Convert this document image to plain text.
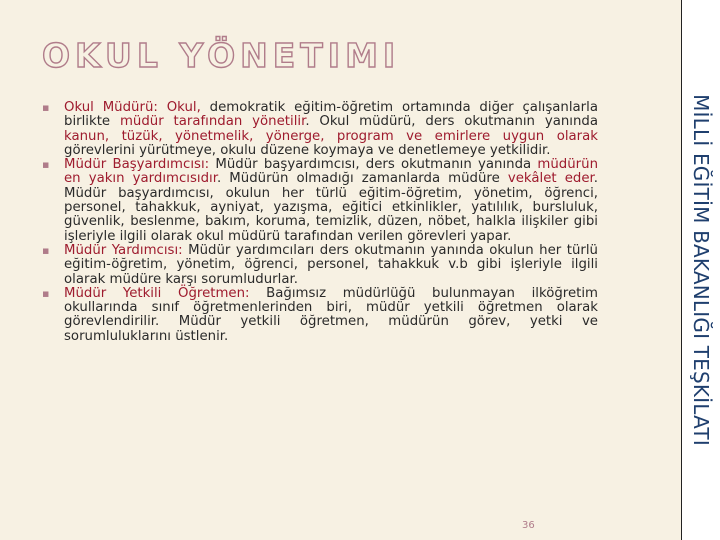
OKUL YÖNETIMI
▪ Okul Müdürü: Okul, demokratik eğitim-öğretim ortamında diğer çalışanlarla birlikte müdür tarafından yönetilir. Okul müdürü, ders okutmanın yanında kanun, tüzük, yönetmelik, yönerge, program ve emirlere uygun olarak görevlerini yürütmeye, okulu düzene koymaya ve denetlemeye yetkilidir.
▪ Müdür Başyardımcısı: Müdür başyardımcısı, ders okutmanın yanında müdürün en yakın yardımcısıdır. Müdürün olmadığı zamanlarda müdüre vekâlet eder. Müdür başyardımcısı, okulun her türlü eğitim-öğretim, yönetim, öğrenci, personel, tahakkuk, ayniyat, yazışma, eğitici etkinlikler, yatılılık, bursluluk, güvenlik, beslenme, bakım, koruma, temizlik, düzen, nöbet, halkla ilişkiler gibi işleriyle ilgili olarak okul müdürü tarafından verilen görevleri yapar.
▪ Müdür Yardımcısı: Müdür yardımcıları ders okutmanın yanında okulun her türlü eğitim-öğretim, yönetim, öğrenci, personel, tahakkuk v.b gibi işleriyle ilgili olarak müdüre karşı sorumludurlar.
▪ Müdür Yetkili Öğretmen: Bağımsız müdürlüğü bulunmayan ilköğretim okullarında sınıf öğretmenlerinden biri, müdür yetkili öğretmen olarak görevlendirilir. Müdür yetkili öğretmen, müdürün görev, yetki ve sorumluluklarını üstlenir.
36
MİLLİ EĞİTİM BAKANLIĞI TEŞKİLATI
